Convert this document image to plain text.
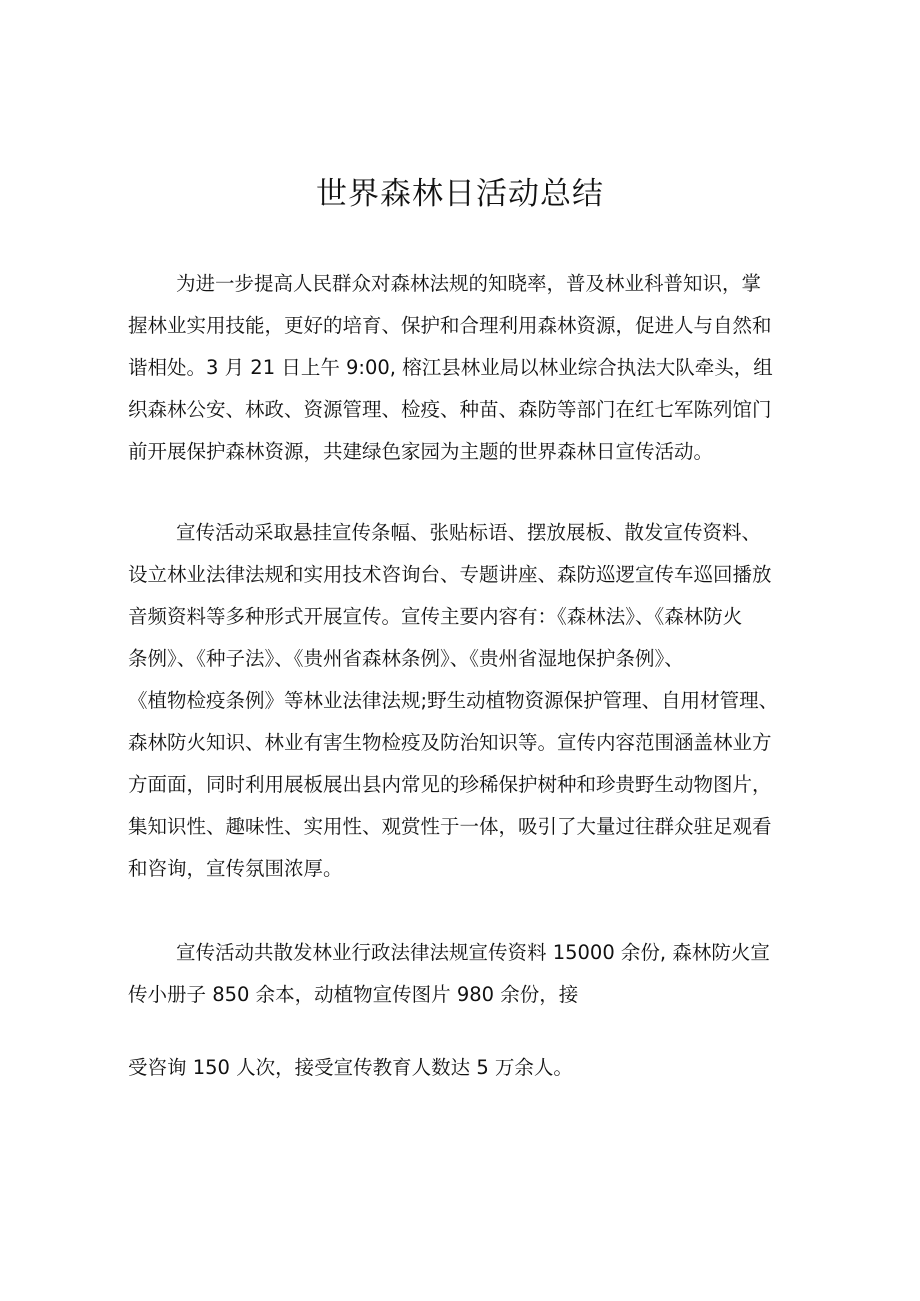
世界森林日活动总结
为进一步提高人民群众对森林法规的知晓率，普及林业科普知识，掌
握林业实用技能，更好的培育、保护和合理利用森林资源，促进人与自然和
谐相处。3 月 21 日上午 9:00, 榕江县林业局以林业综合执法大队牵头，组
织森林公安、林政、资源管理、检疫、种苗、森防等部门在红七军陈列馆门
前开展保护森林资源，共建绿色家园为主题的世界森林日宣传活动。
宣传活动采取悬挂宣传条幅、张贴标语、摆放展板、散发宣传资料、
设立林业法律法规和实用技术咨询台、专题讲座、森防巡逻宣传车巡回播放
音频资料等多种形式开展宣传。宣传主要内容有：《森林法》、《森林防火
条例》、《种子法》、《贵州省森林条例》、《贵州省湿地保护条例》、
《植物检疫条例》等林业法律法规;野生动植物资源保护管理、自用材管理、
森林防火知识、林业有害生物检疫及防治知识等。宣传内容范围涵盖林业方
方面面，同时利用展板展出县内常见的珍稀保护树种和珍贵野生动物图片，
集知识性、趣味性、实用性、观赏性于一体，吸引了大量过往群众驻足观看
和咨询，宣传氛围浓厚。
宣传活动共散发林业行政法律法规宣传资料 15000 余份, 森林防火宣
传小册子 850 余本，动植物宣传图片 980 余份，接
受咨询 150 人次，接受宣传教育人数达 5 万余人。
